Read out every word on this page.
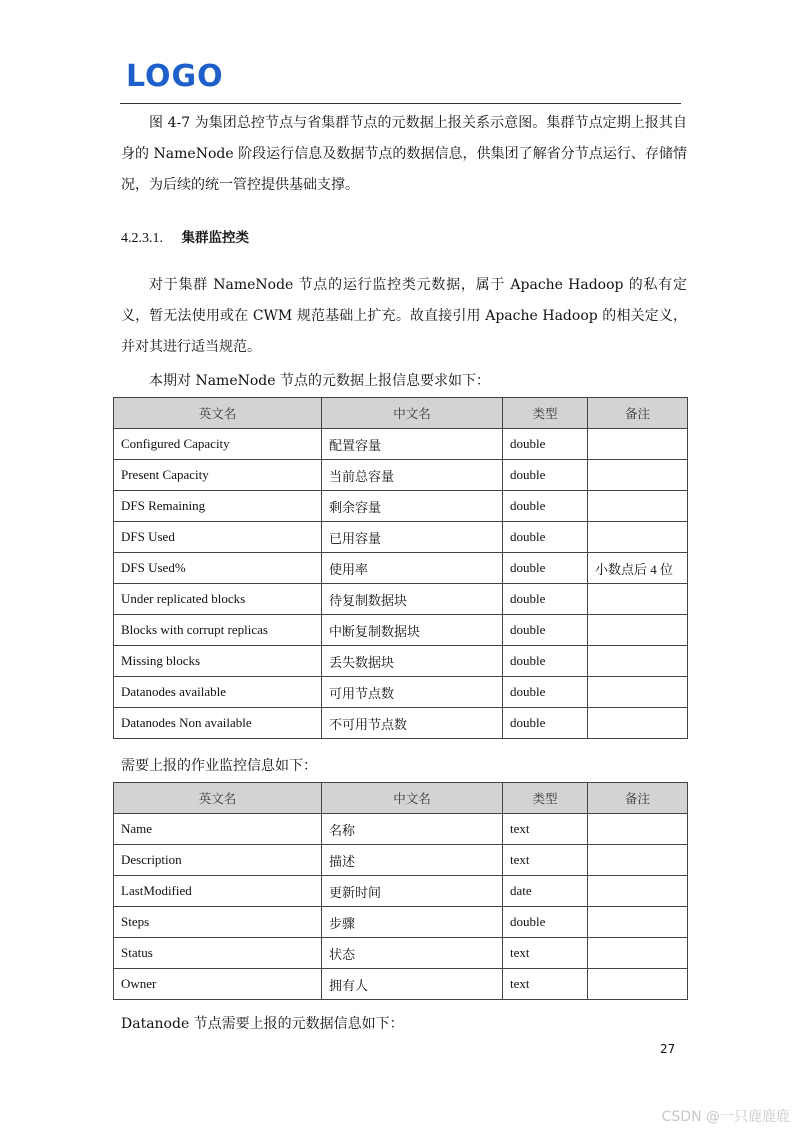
LOGO

图 4-7 为集团总控节点与省集群节点的元数据上报关系示意图。集群节点定期上报其自身的 NameNode 阶段运行信息及数据节点的数据信息，供集团了解省分节点运行、存储情况，为后续的统一管控提供基础支撑。

4.2.3.1. 集群监控类

对于集群 NameNode 节点的运行监控类元数据，属于 Apache Hadoop 的私有定义，暂无法使用或在 CWM 规范基础上扩充。故直接引用 Apache Hadoop 的相关定义，并对其进行适当规范。

本期对 NameNode 节点的元数据上报信息要求如下：

英文名	中文名	类型	备注
Configured Capacity	配置容量	double	
Present Capacity	当前总容量	double	
DFS Remaining	剩余容量	double	
DFS Used	已用容量	double	
DFS Used%	使用率	double	小数点后 4 位
Under replicated blocks	待复制数据块	double	
Blocks with corrupt replicas	中断复制数据块	double	
Missing blocks	丢失数据块	double	
Datanodes available	可用节点数	double	
Datanodes Non available	不可用节点数	double	

需要上报的作业监控信息如下：

英文名	中文名	类型	备注
Name	名称	text	
Description	描述	text	
LastModified	更新时间	date	
Steps	步骤	double	
Status	状态	text	
Owner	拥有人	text	

Datanode 节点需要上报的元数据信息如下：

27
CSDN @一只鹿鹿鹿
